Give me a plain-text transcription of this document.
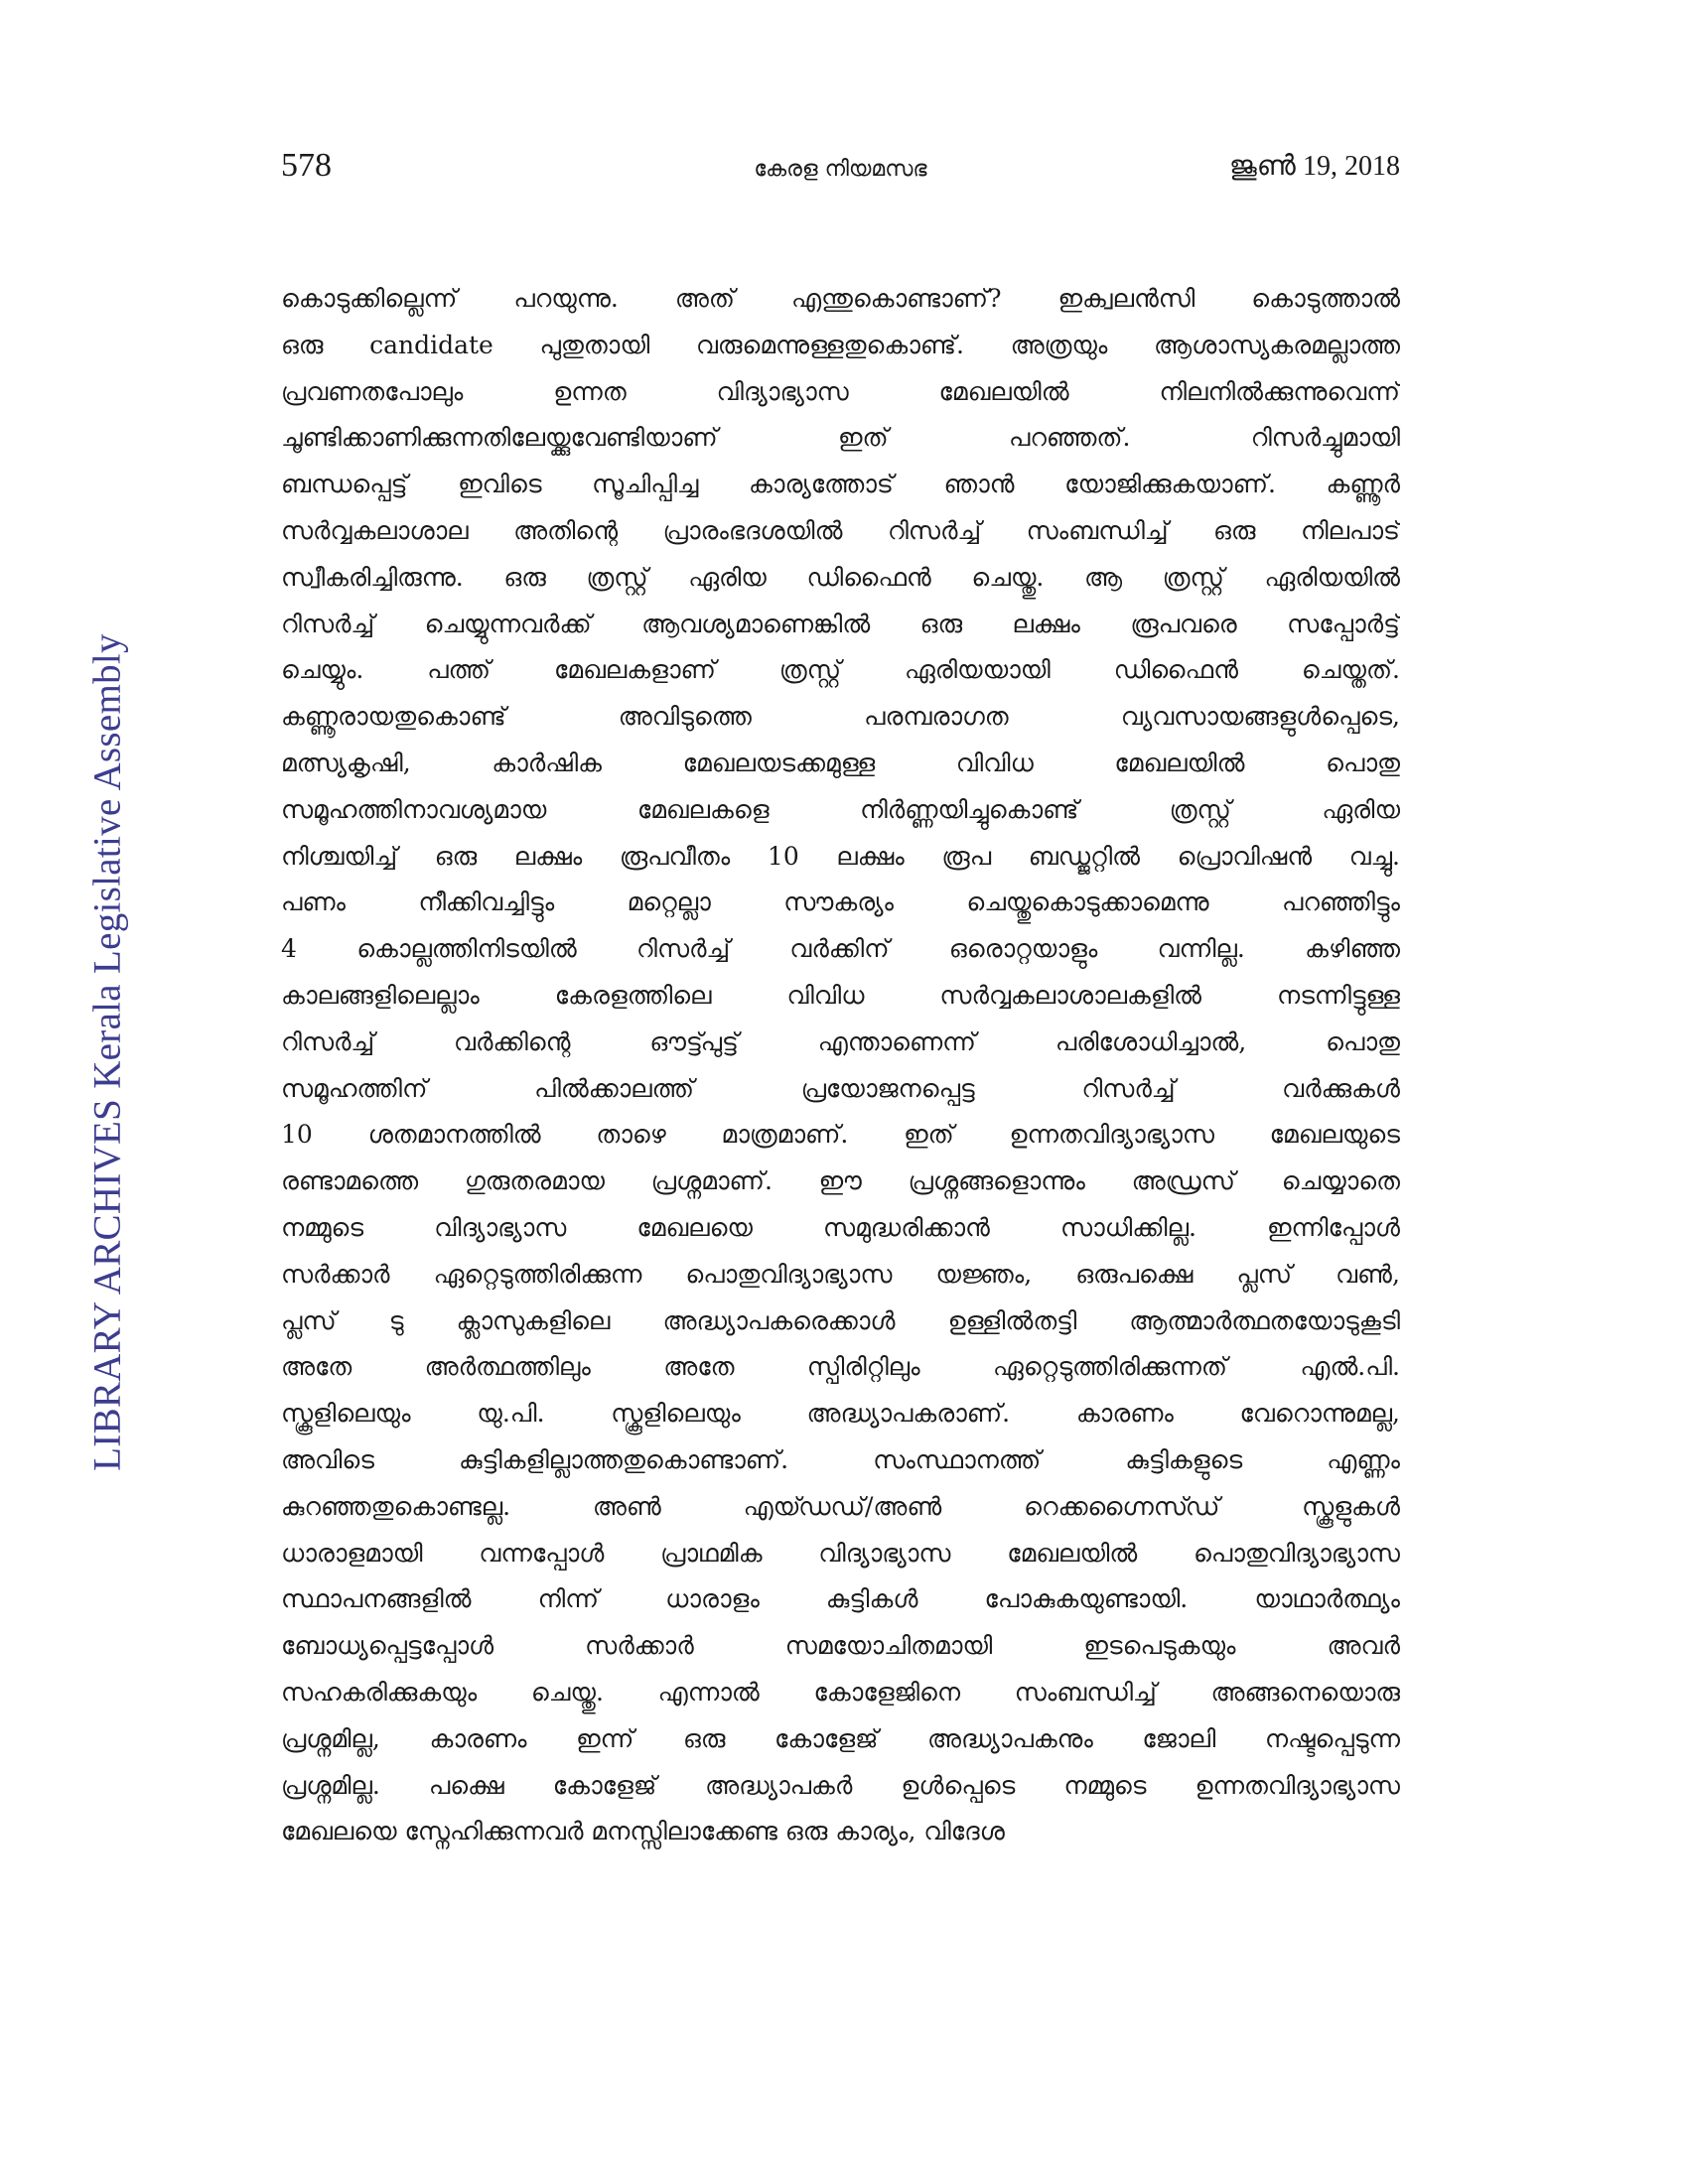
578	കേരള നിയമസഭ	ജൂൺ 19, 2018
LIBRARY ARCHIVES Kerala Legislative Assembly
കൊടുക്കില്ലെന്ന് പറയുന്നു. അത് എന്തുകൊണ്ടാണ്? ഇക്വലൻസി കൊടുത്താൽ
ഒരു candidate പുതുതായി വരുമെന്നുള്ളതുകൊണ്ട്. അത്രയും ആശാസ്യകരമല്ലാത്ത
പ്രവണതപോലും ഉന്നത വിദ്യാഭ്യാസ മേഖലയിൽ നിലനിൽക്കുന്നുവെന്ന്
ചൂണ്ടിക്കാണിക്കുന്നതിലേയ്ക്കുവേണ്ടിയാണ് ഇത് പറഞ്ഞത്. റിസർച്ചുമായി
ബന്ധപ്പെട്ട് ഇവിടെ സൂചിപ്പിച്ച കാര്യത്തോട് ഞാൻ യോജിക്കുകയാണ്. കണ്ണൂർ
സർവ്വകലാശാല അതിന്റെ പ്രാരംഭദശയിൽ റിസർച്ച് സംബന്ധിച്ച് ഒരു നിലപാട്
സ്വീകരിച്ചിരുന്നു. ഒരു ത്രസ്റ്റ് ഏരിയ ഡിഫൈൻ ചെയ്തു. ആ ത്രസ്റ്റ് ഏരിയയിൽ
റിസർച്ച് ചെയ്യുന്നവർക്ക് ആവശ്യമാണെങ്കിൽ ഒരു ലക്ഷം രൂപവരെ സപ്പോർട്ട്
ചെയ്യും. പത്ത് മേഖലകളാണ് ത്രസ്റ്റ് ഏരിയയായി ഡിഫൈൻ ചെയ്തത്.
കണ്ണൂരായതുകൊണ്ട് അവിടുത്തെ പരമ്പരാഗത വ്യവസായങ്ങളുൾപ്പെടെ,
മത്സ്യകൃഷി, കാർഷിക മേഖലയടക്കമുള്ള വിവിധ മേഖലയിൽ പൊതു
സമൂഹത്തിനാവശ്യമായ മേഖലകളെ നിർണ്ണയിച്ചുകൊണ്ട് ത്രസ്റ്റ് ഏരിയ
നിശ്ചയിച്ച് ഒരു ലക്ഷം രൂപവീതം 10 ലക്ഷം രൂപ ബഡ്ജറ്റിൽ പ്രൊവിഷൻ വച്ചു.
പണം നീക്കിവച്ചിട്ടും മറ്റെല്ലാ സൗകര്യം ചെയ്തുകൊടുക്കാമെന്നു പറഞ്ഞിട്ടും
4 കൊല്ലത്തിനിടയിൽ റിസർച്ച് വർക്കിന് ഒരൊറ്റയാളും വന്നില്ല. കഴിഞ്ഞ
കാലങ്ങളിലെല്ലാം കേരളത്തിലെ വിവിധ സർവ്വകലാശാലകളിൽ നടന്നിട്ടുള്ള
റിസർച്ച് വർക്കിന്റെ ഔട്ട്പുട്ട് എന്താണെന്ന് പരിശോധിച്ചാൽ, പൊതു
സമൂഹത്തിന് പിൽക്കാലത്ത് പ്രയോജനപ്പെട്ട റിസർച്ച് വർക്കുകൾ
10 ശതമാനത്തിൽ താഴെ മാത്രമാണ്. ഇത് ഉന്നതവിദ്യാഭ്യാസ മേഖലയുടെ
രണ്ടാമത്തെ ഗുരുതരമായ പ്രശ്നമാണ്. ഈ പ്രശ്നങ്ങളൊന്നും അഡ്രസ് ചെയ്യാതെ
നമ്മുടെ വിദ്യാഭ്യാസ മേഖലയെ സമുദ്ധരിക്കാൻ സാധിക്കില്ല. ഇന്നിപ്പോൾ
സർക്കാർ ഏറ്റെടുത്തിരിക്കുന്ന പൊതുവിദ്യാഭ്യാസ യജ്ഞം, ഒരുപക്ഷെ പ്ലസ് വൺ,
പ്ലസ് ടു ക്ലാസുകളിലെ അദ്ധ്യാപകരെക്കാൾ ഉള്ളിൽതട്ടി ആത്മാർത്ഥതയോടുകൂടി
അതേ അർത്ഥത്തിലും അതേ സ്പിരിറ്റിലും ഏറ്റെടുത്തിരിക്കുന്നത് എൽ.പി.
സ്കൂളിലെയും യു.പി. സ്കൂളിലെയും അദ്ധ്യാപകരാണ്. കാരണം വേറൊന്നുമല്ല,
അവിടെ കുട്ടികളില്ലാത്തതുകൊണ്ടാണ്. സംസ്ഥാനത്ത് കുട്ടികളുടെ എണ്ണം
കുറഞ്ഞതുകൊണ്ടല്ല. അൺ എയ്ഡഡ്/അൺ റെക്കഗ്നൈസ്ഡ് സ്കൂളുകൾ
ധാരാളമായി വന്നപ്പോൾ പ്രാഥമിക വിദ്യാഭ്യാസ മേഖലയിൽ പൊതുവിദ്യാഭ്യാസ
സ്ഥാപനങ്ങളിൽ നിന്ന് ധാരാളം കുട്ടികൾ പോകുകയുണ്ടായി. യാഥാർത്ഥ്യം
ബോധ്യപ്പെട്ടപ്പോൾ സർക്കാർ സമയോചിതമായി ഇടപെടുകയും അവർ
സഹകരിക്കുകയും ചെയ്തു. എന്നാൽ കോളേജിനെ സംബന്ധിച്ച് അങ്ങനെയൊരു
പ്രശ്നമില്ല, കാരണം ഇന്ന് ഒരു കോളേജ് അദ്ധ്യാപകനും ജോലി നഷ്ടപ്പെടുന്ന
പ്രശ്നമില്ല. പക്ഷെ കോളേജ് അദ്ധ്യാപകർ ഉൾപ്പെടെ നമ്മുടെ ഉന്നതവിദ്യാഭ്യാസ
മേഖലയെ സ്നേഹിക്കുന്നവർ മനസ്സിലാക്കേണ്ട ഒരു കാര്യം, വിദേശ
